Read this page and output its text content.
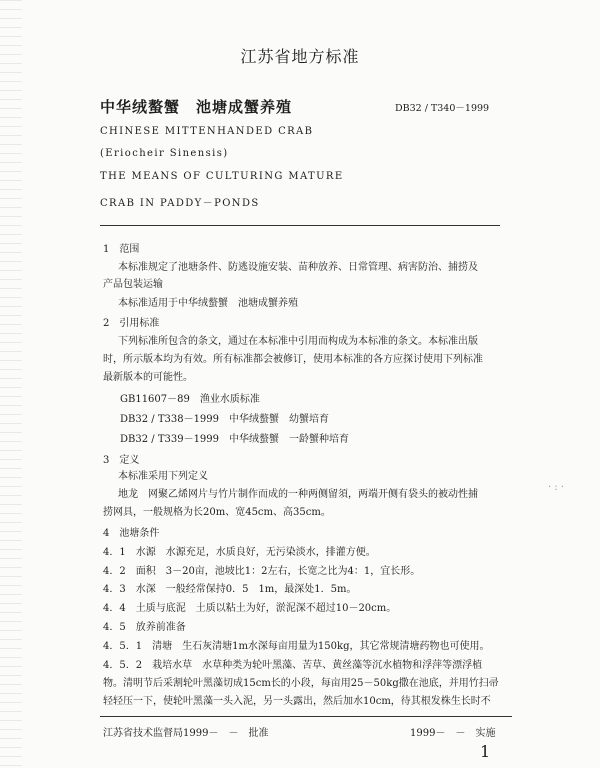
江苏省地方标准
中华绒螯蟹　池塘成蟹养殖	DB32 / T340－1999
CHINESE MITTENHANDED CRAB
(Eriocheir Sinensis)
THE MEANS OF CULTURING MATURE
CRAB IN PADDY－PONDS
1　范围
本标准规定了池塘条件、防逃设施安装、苗种放养、日常管理、病害防治、捕捞及
产品包装运输
本标准适用于中华绒螯蟹　池塘成蟹养殖
2　引用标准
下列标准所包含的条文，通过在本标准中引用而构成为本标准的条文。本标准出版
时，所示版本均为有效。所有标准都会被修订，使用本标准的各方应探讨使用下列标准
最新版本的可能性。
GB11607－89　渔业水质标准
DB32 / T338－1999　中华绒螯蟹　幼蟹培育
DB32 / T339－1999　中华绒螯蟹　一龄蟹种培育
3　定义
本标准采用下列定义
地龙　网聚乙烯网片与竹片制作而成的一种两侧留須，两端开侧有袋头的被动性捕
捞网具，一般规格为长20m、宽45cm、高35cm。
· : ·
4　池塘条件
4．1　水源　水源充足，水质良好，无污染淡水，排灌方便。
4．2　面积　3－20亩，池坡比1：2左右，长宽之比为4：1，宜长形。
4．3　水深　一般经常保持0．5　1m，最深处1．5m。
4．4　土质与底泥　土质以粘土为好，淤泥深不超过10－20cm。
4．5　放养前准备
4．5．1　清塘　生石灰清塘1m水深每亩用量为150kg，其它常规清塘药物也可使用。
4．5．2　栽培水草　水草种类为轮叶黑藻、苦草、黄丝藻等沉水植物和浮萍等漂浮植
物。清明节后采割轮叶黑藻切成15cm长的小段，每亩用25－50kg撒在池底，并用竹扫帚
轻轻压一下，使轮叶黑藻一头入泥，另一头露出，然后加水10cm，待其根发株生长时不
江苏省技术监督局1999－　－　批准	1999－　－　实施
1
